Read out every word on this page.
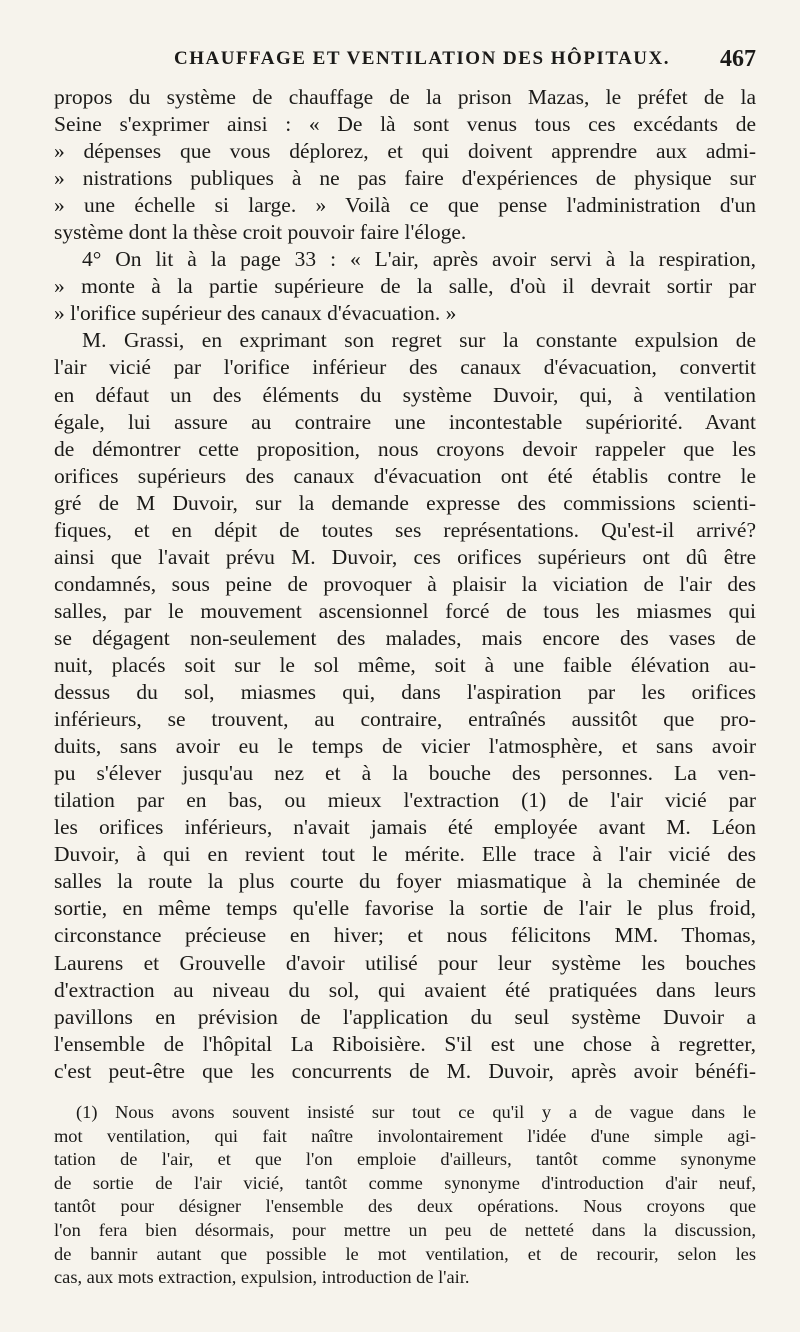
CHAUFFAGE ET VENTILATION DES HÔPITAUX. 467
propos du système de chauffage de la prison Mazas, le préfet de la
Seine s'exprimer ainsi : « De là sont venus tous ces excédants de
» dépenses que vous déplorez, et qui doivent apprendre aux admi-
» nistrations publiques à ne pas faire d'expériences de physique sur
» une échelle si large. » Voilà ce que pense l'administration d'un
système dont la thèse croit pouvoir faire l'éloge.
4° On lit à la page 33 : « L'air, après avoir servi à la respiration,
» monte à la partie supérieure de la salle, d'où il devrait sortir par
» l'orifice supérieur des canaux d'évacuation. »
M. Grassi, en exprimant son regret sur la constante expulsion de
l'air vicié par l'orifice inférieur des canaux d'évacuation, convertit
en défaut un des éléments du système Duvoir, qui, à ventilation
égale, lui assure au contraire une incontestable supériorité. Avant
de démontrer cette proposition, nous croyons devoir rappeler que les
orifices supérieurs des canaux d'évacuation ont été établis contre le
gré de M Duvoir, sur la demande expresse des commissions scienti-
fiques, et en dépit de toutes ses représentations. Qu'est-il arrivé?
ainsi que l'avait prévu M. Duvoir, ces orifices supérieurs ont dû être
condamnés, sous peine de provoquer à plaisir la viciation de l'air des
salles, par le mouvement ascensionnel forcé de tous les miasmes qui
se dégagent non-seulement des malades, mais encore des vases de
nuit, placés soit sur le sol même, soit à une faible élévation au-
dessus du sol, miasmes qui, dans l'aspiration par les orifices
inférieurs, se trouvent, au contraire, entraînés aussitôt que pro-
duits, sans avoir eu le temps de vicier l'atmosphère, et sans avoir
pu s'élever jusqu'au nez et à la bouche des personnes. La ven-
tilation par en bas, ou mieux l'extraction (1) de l'air vicié par
les orifices inférieurs, n'avait jamais été employée avant M. Léon
Duvoir, à qui en revient tout le mérite. Elle trace à l'air vicié des
salles la route la plus courte du foyer miasmatique à la cheminée de
sortie, en même temps qu'elle favorise la sortie de l'air le plus froid,
circonstance précieuse en hiver; et nous félicitons MM. Thomas,
Laurens et Grouvelle d'avoir utilisé pour leur système les bouches
d'extraction au niveau du sol, qui avaient été pratiquées dans leurs
pavillons en prévision de l'application du seul système Duvoir a
l'ensemble de l'hôpital La Riboisière. S'il est une chose à regretter,
c'est peut-être que les concurrents de M. Duvoir, après avoir bénéfi-
(1) Nous avons souvent insisté sur tout ce qu'il y a de vague dans le
mot ventilation, qui fait naître involontairement l'idée d'une simple agi-
tation de l'air, et que l'on emploie d'ailleurs, tantôt comme synonyme
de sortie de l'air vicié, tantôt comme synonyme d'introduction d'air neuf,
tantôt pour désigner l'ensemble des deux opérations. Nous croyons que
l'on fera bien désormais, pour mettre un peu de netteté dans la discussion,
de bannir autant que possible le mot ventilation, et de recourir, selon les
cas, aux mots extraction, expulsion, introduction de l'air.
